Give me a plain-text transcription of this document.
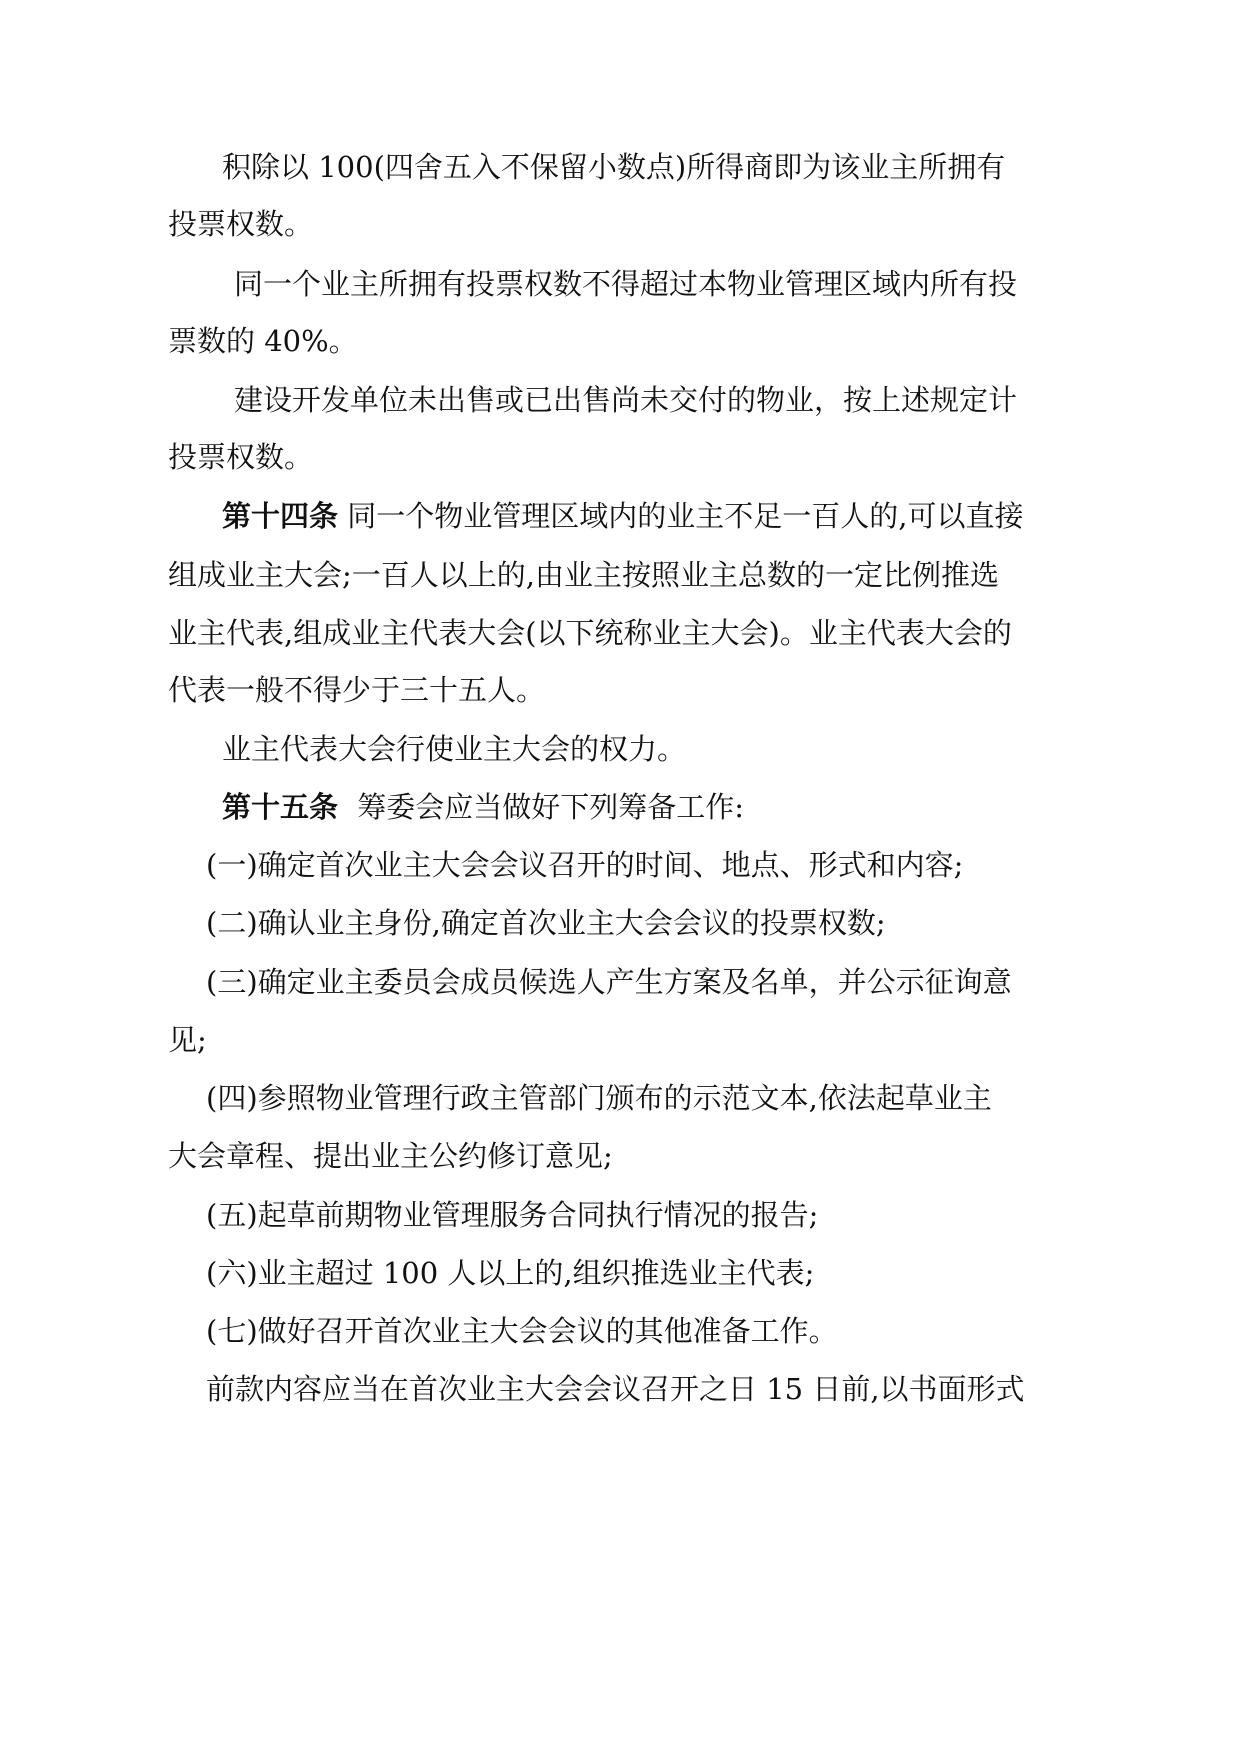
积除以 100(四舍五入不保留小数点)所得商即为该业主所拥有
投票权数。
同一个业主所拥有投票权数不得超过本物业管理区域内所有投
票数的 40%。
建设开发单位未出售或已出售尚未交付的物业，按上述规定计
投票权数。
第十四条 同一个物业管理区域内的业主不足一百人的,可以直接
组成业主大会;一百人以上的,由业主按照业主总数的一定比例推选
业主代表,组成业主代表大会(以下统称业主大会)。业主代表大会的
代表一般不得少于三十五人。
业主代表大会行使业主大会的权力。
第十五条 筹委会应当做好下列筹备工作:
(一)确定首次业主大会会议召开的时间、地点、形式和内容;
(二)确认业主身份,确定首次业主大会会议的投票权数;
(三)确定业主委员会成员候选人产生方案及名单，并公示征询意
见;
(四)参照物业管理行政主管部门颁布的示范文本,依法起草业主
大会章程、提出业主公约修订意见;
(五)起草前期物业管理服务合同执行情况的报告;
(六)业主超过 100 人以上的,组织推选业主代表;
(七)做好召开首次业主大会会议的其他准备工作。
前款内容应当在首次业主大会会议召开之日 15 日前,以书面形式
